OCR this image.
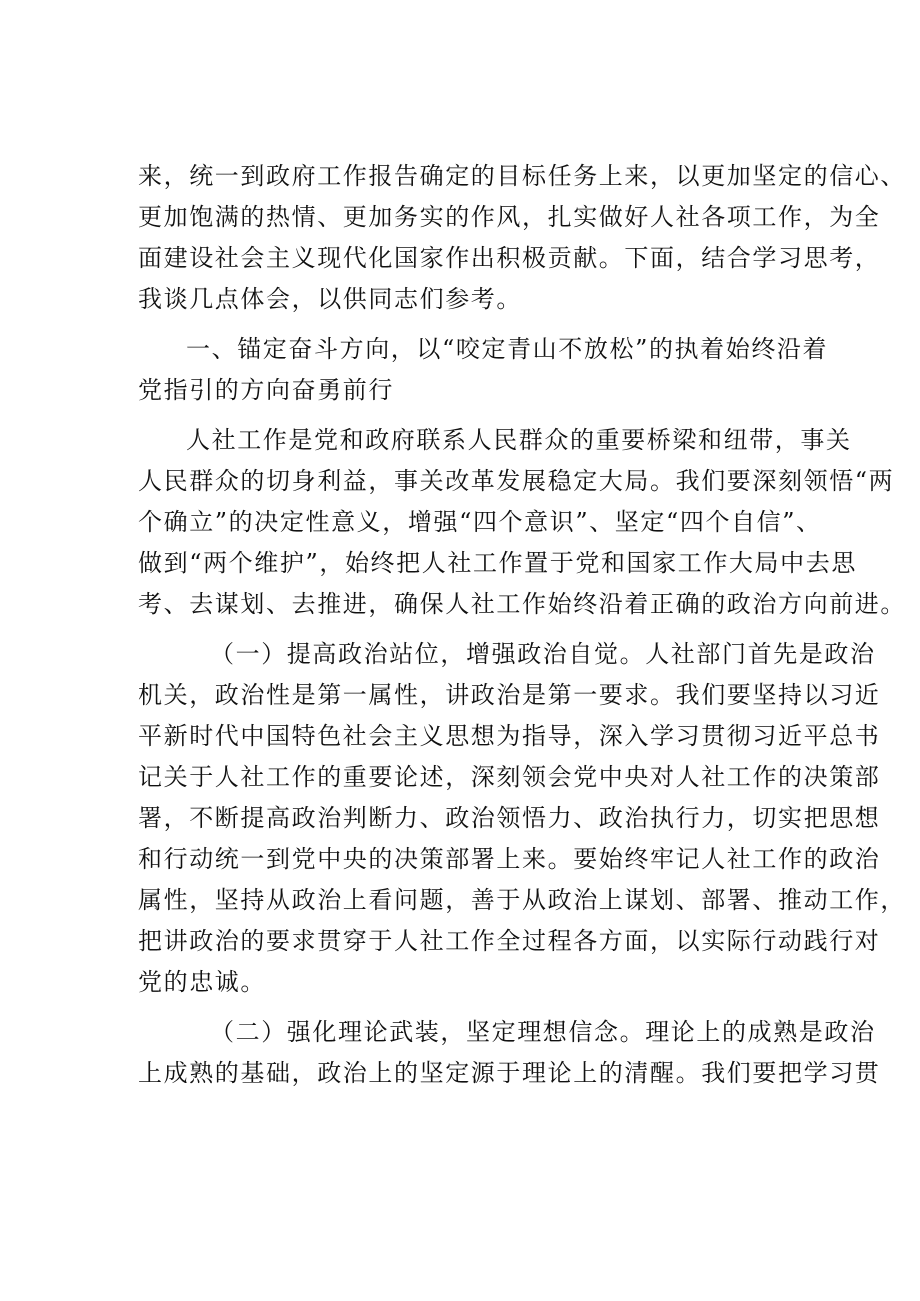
来，统一到政府工作报告确定的目标任务上来，以更加坚定的信心、
更加饱满的热情、更加务实的作风，扎实做好人社各项工作，为全
面建设社会主义现代化国家作出积极贡献。下面，结合学习思考，
我谈几点体会，以供同志们参考。

一、锚定奋斗方向，以“咬定青山不放松”的执着始终沿着
党指引的方向奋勇前行

人社工作是党和政府联系人民群众的重要桥梁和纽带，事关
人民群众的切身利益，事关改革发展稳定大局。我们要深刻领悟“两
个确立”的决定性意义，增强“四个意识”、坚定“四个自信”、
做到“两个维护”，始终把人社工作置于党和国家工作大局中去思
考、去谋划、去推进，确保人社工作始终沿着正确的政治方向前进。

（一）提高政治站位，增强政治自觉。人社部门首先是政治
机关，政治性是第一属性，讲政治是第一要求。我们要坚持以习近
平新时代中国特色社会主义思想为指导，深入学习贯彻习近平总书
记关于人社工作的重要论述，深刻领会党中央对人社工作的决策部
署，不断提高政治判断力、政治领悟力、政治执行力，切实把思想
和行动统一到党中央的决策部署上来。要始终牢记人社工作的政治
属性，坚持从政治上看问题，善于从政治上谋划、部署、推动工作，
把讲政治的要求贯穿于人社工作全过程各方面，以实际行动践行对
党的忠诚。

（二）强化理论武装，坚定理想信念。理论上的成熟是政治
上成熟的基础，政治上的坚定源于理论上的清醒。我们要把学习贯
